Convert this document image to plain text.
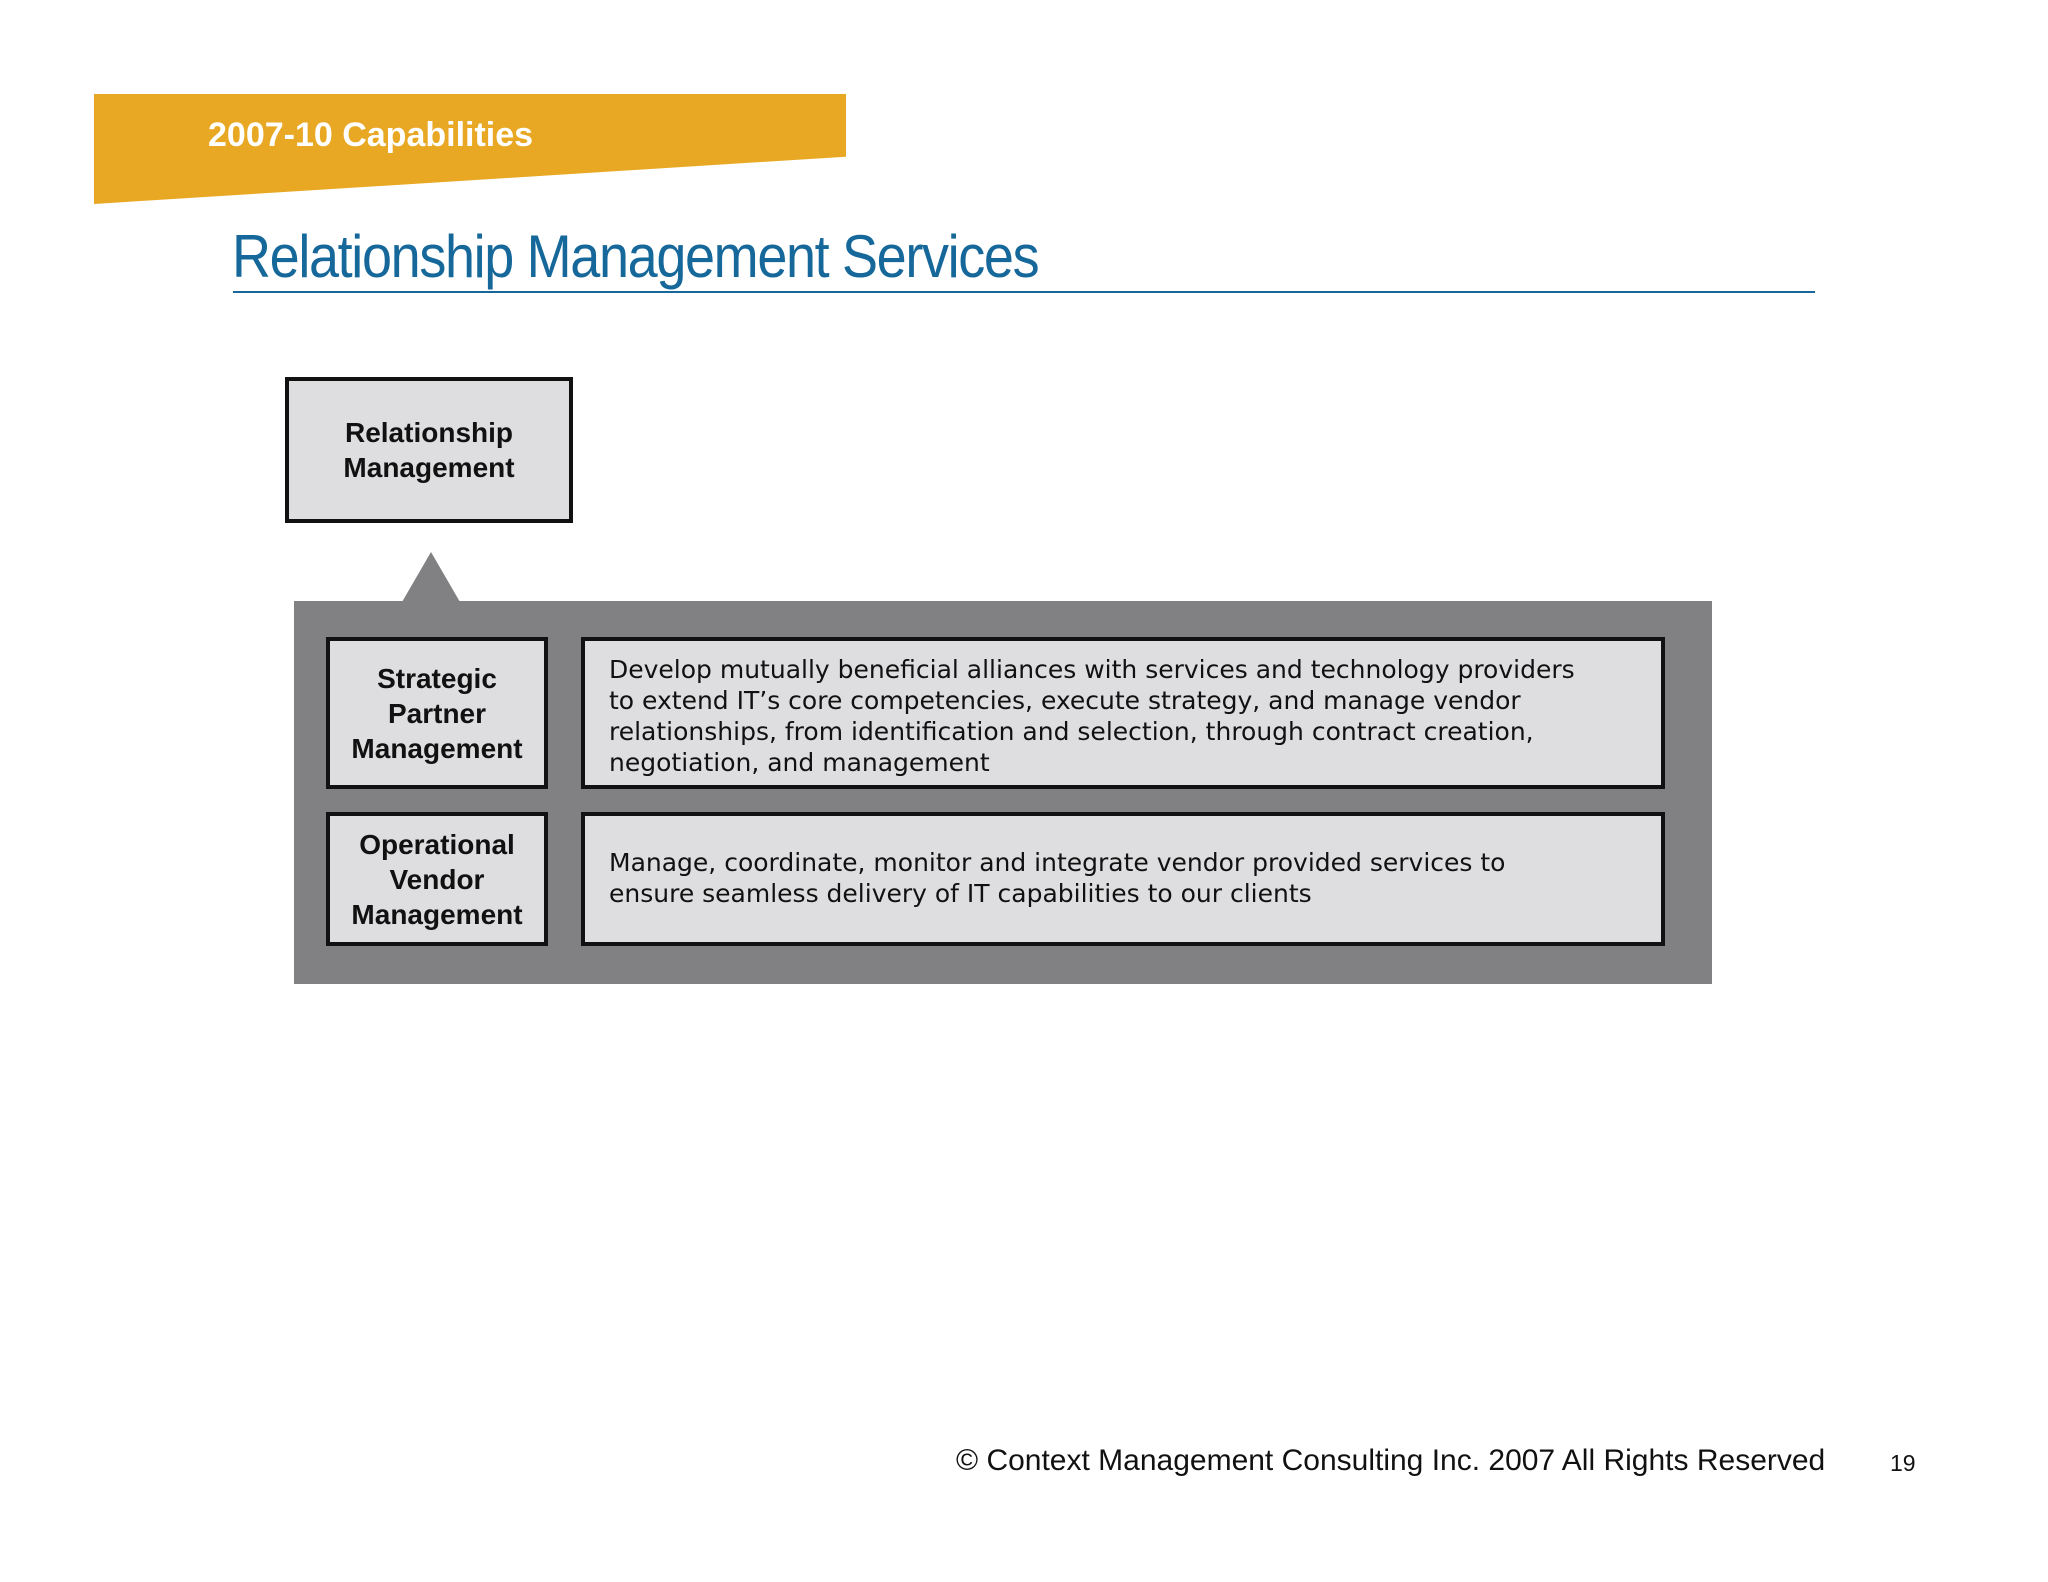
2007-10 Capabilities
Relationship Management Services
Relationship
Management
Strategic
Partner
Management
Develop mutually beneficial alliances with services and technology providers
to extend IT’s core competencies, execute strategy, and manage vendor
relationships, from identification and selection, through contract creation,
negotiation, and management
Operational
Vendor
Management
Manage, coordinate, monitor and integrate vendor provided services to
ensure seamless delivery of IT capabilities to our clients
© Context Management Consulting Inc. 2007 All Rights Reserved	19
